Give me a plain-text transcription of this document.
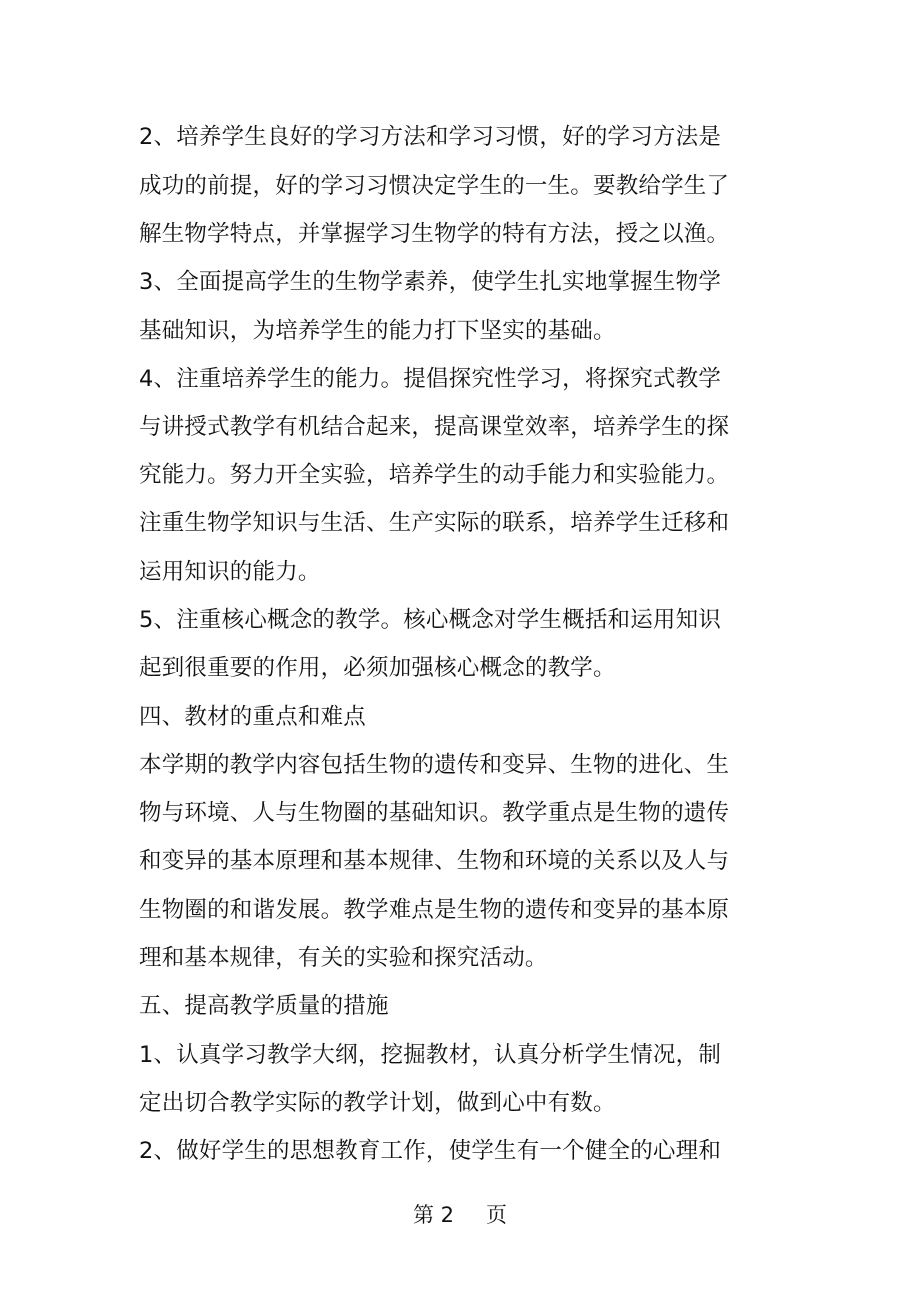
2、培养学生良好的学习方法和学习习惯，好的学习方法是
成功的前提，好的学习习惯决定学生的一生。要教给学生了
解生物学特点，并掌握学习生物学的特有方法，授之以渔。
3、全面提高学生的生物学素养，使学生扎实地掌握生物学
基础知识，为培养学生的能力打下坚实的基础。
4、注重培养学生的能力。提倡探究性学习，将探究式教学
与讲授式教学有机结合起来，提高课堂效率，培养学生的探
究能力。努力开全实验，培养学生的动手能力和实验能力。
注重生物学知识与生活、生产实际的联系，培养学生迁移和
运用知识的能力。
5、注重核心概念的教学。核心概念对学生概括和运用知识
起到很重要的作用，必须加强核心概念的教学。
四、教材的重点和难点
本学期的教学内容包括生物的遗传和变异、生物的进化、生
物与环境、人与生物圈的基础知识。教学重点是生物的遗传
和变异的基本原理和基本规律、生物和环境的关系以及人与
生物圈的和谐发展。教学难点是生物的遗传和变异的基本原
理和基本规律，有关的实验和探究活动。
五、提高教学质量的措施
1、认真学习教学大纲，挖掘教材，认真分析学生情况，制
定出切合教学实际的教学计划，做到心中有数。
2、做好学生的思想教育工作，使学生有一个健全的心理和
第 2 页
